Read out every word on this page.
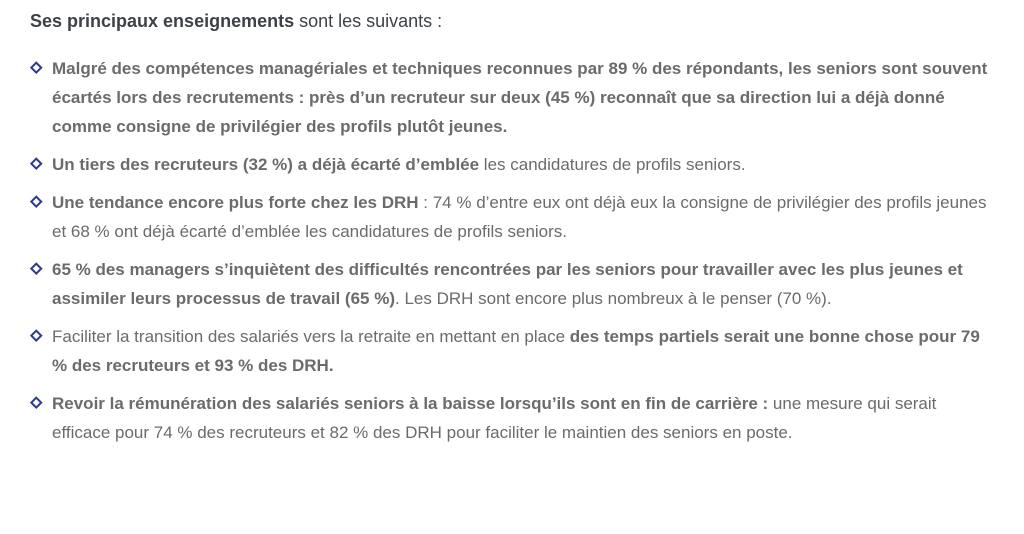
Ses principaux enseignements sont les suivants :

Malgré des compétences managériales et techniques reconnues par 89 % des répondants, les seniors sont souvent écartés lors des recrutements : près d’un recruteur sur deux (45 %) reconnaît que sa direction lui a déjà donné comme consigne de privilégier des profils plutôt jeunes.
Un tiers des recruteurs (32 %) a déjà écarté d’emblée les candidatures de profils seniors.
Une tendance encore plus forte chez les DRH : 74 % d’entre eux ont déjà eux la consigne de privilégier des profils jeunes et 68 % ont déjà écarté d’emblée les candidatures de profils seniors.
65 % des managers s’inquiètent des difficultés rencontrées par les seniors pour travailler avec les plus jeunes et assimiler leurs processus de travail (65 %). Les DRH sont encore plus nombreux à le penser (70 %).
Faciliter la transition des salariés vers la retraite en mettant en place des temps partiels serait une bonne chose pour 79 % des recruteurs et 93 % des DRH.
Revoir la rémunération des salariés seniors à la baisse lorsqu’ils sont en fin de carrière : une mesure qui serait efficace pour 74 % des recruteurs et 82 % des DRH pour faciliter le maintien des seniors en poste.
